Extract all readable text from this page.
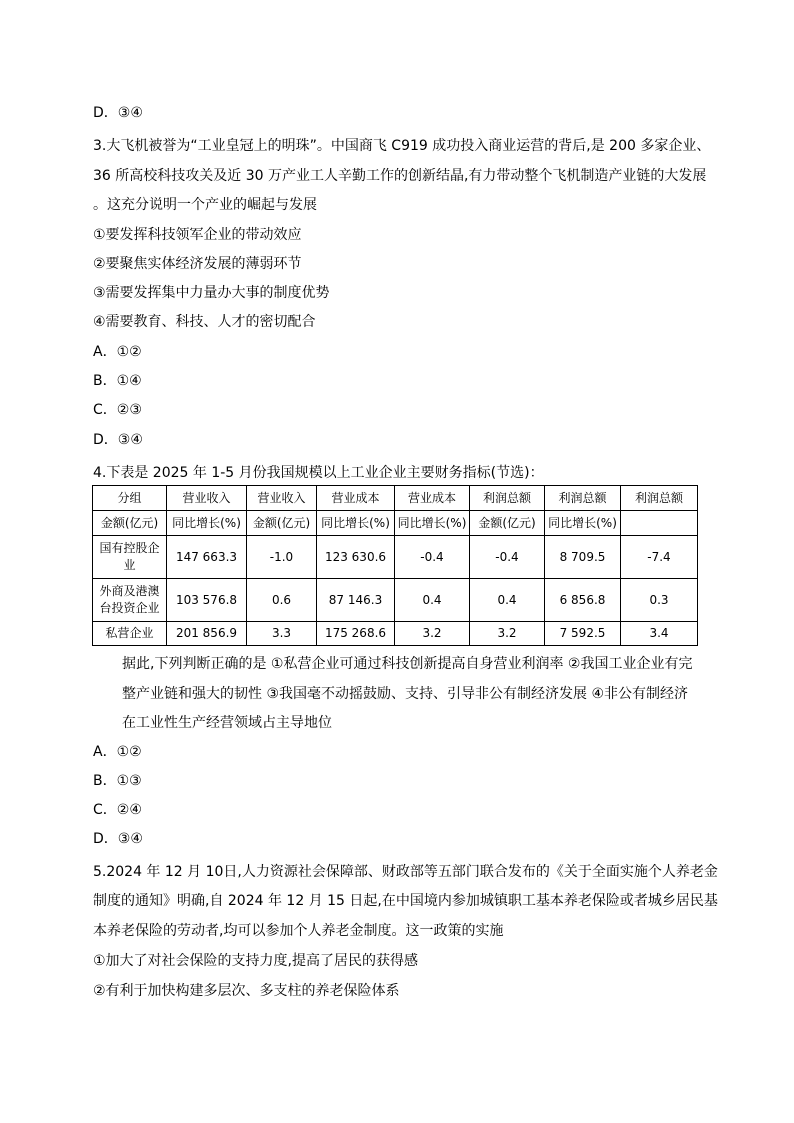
D．③④
3.大飞机被誉为“工业皇冠上的明珠”。中国商飞 C919 成功投入商业运营的背后,是 200 多家企业、
36 所高校科技攻关及近 30 万产业工人辛勤工作的创新结晶,有力带动整个飞机制造产业链的大发展
。这充分说明一个产业的崛起与发展
①要发挥科技领军企业的带动效应
②要聚焦实体经济发展的薄弱环节
③需要发挥集中力量办大事的制度优势
④需要教育、科技、人才的密切配合
A．①②
B．①④
C．②③
D．③④
4.下表是 2025 年 1-5 月份我国规模以上工业企业主要财务指标(节选)：
分组	营业收入	营业收入	营业成本	营业成本	利润总额	利润总额	利润总额
金额(亿元)	同比增长(%)	金额(亿元)	同比增长(%)	同比增长(%)	金额(亿元)	同比增长(%)	
国有控股企业	147 663.3	-1.0	123 630.6	-0.4	-0.4	8 709.5	-7.4
外商及港澳台投资企业	103 576.8	0.6	87 146.3	0.4	0.4	6 856.8	0.3
私营企业	201 856.9	3.3	175 268.6	3.2	3.2	7 592.5	3.4
据此,下列判断正确的是 ①私营企业可通过科技创新提高自身营业利润率 ②我国工业企业有完
整产业链和强大的韧性 ③我国毫不动摇鼓励、支持、引导非公有制经济发展 ④非公有制经济
在工业性生产经营领域占主导地位
A．①②
B．①③
C．②④
D．③④
5.2024 年 12 月 10日,人力资源社会保障部、财政部等五部门联合发布的《关于全面实施个人养老金
制度的通知》明确,自 2024 年 12 月 15 日起,在中国境内参加城镇职工基本养老保险或者城乡居民基
本养老保险的劳动者,均可以参加个人养老金制度。这一政策的实施
①加大了对社会保险的支持力度,提高了居民的获得感
②有利于加快构建多层次、多支柱的养老保险体系
